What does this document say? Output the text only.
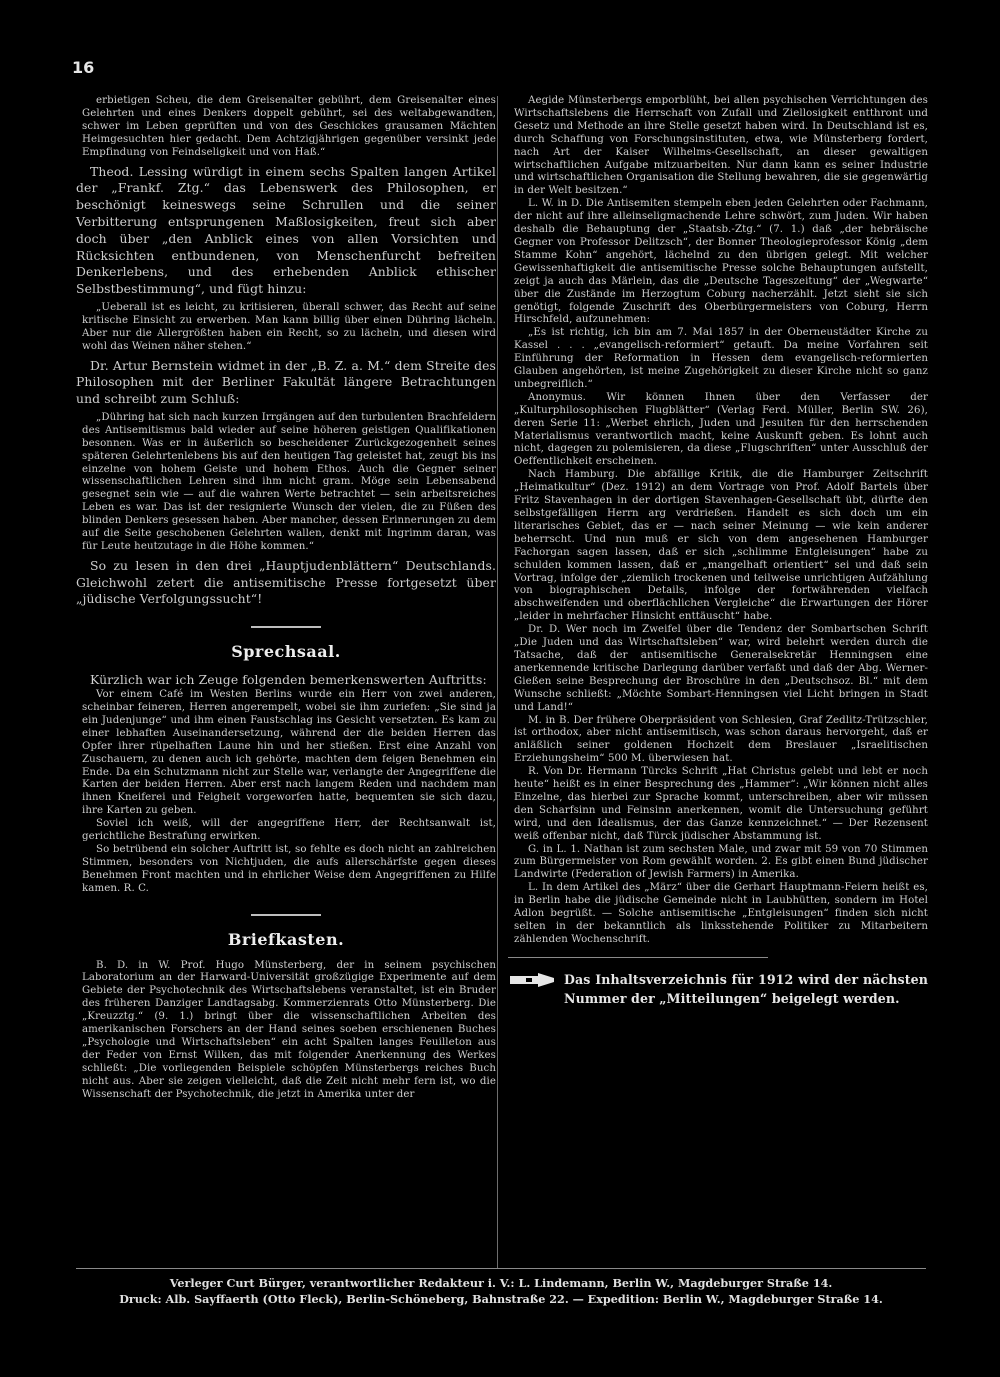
16

erbietigen Scheu, die dem Greisenalter gebührt, dem Greisenalter eines Gelehrten und eines Denkers doppelt gebührt, sei des weltabgewandten, schwer im Leben geprüften und von des Geschickes grausamen Mächten Heimgesuchten hier gedacht. Dem Achtzigjährigen gegenüber versinkt jede Empfindung von Feindseligkeit und von Haß.“

Theod. Lessing würdigt in einem sechs Spalten langen Artikel der „Frankf. Ztg.“ das Lebenswerk des Philosophen, er beschönigt keineswegs seine Schrullen und die seiner Verbitterung entsprungenen Maßlosigkeiten, freut sich aber doch über „den Anblick eines von allen Vorsichten und Rücksichten entbundenen, von Menschenfurcht befreiten Denkerlebens, und des erhebenden Anblick ethischer Selbstbestimmung“, und fügt hinzu:

„Ueberall ist es leicht, zu kritisieren, überall schwer, das Recht auf seine kritische Einsicht zu erwerben. Man kann billig über einen Dühring lächeln. Aber nur die Allergrößten haben ein Recht, so zu lächeln, und diesen wird wohl das Weinen näher stehen.“

Dr. Artur Bernstein widmet in der „B. Z. a. M.“ dem Streite des Philosophen mit der Berliner Fakultät längere Betrachtungen und schreibt zum Schluß:

„Dühring hat sich nach kurzen Irrgängen auf den turbulenten Brachfeldern des Antisemitismus bald wieder auf seine höheren geistigen Qualifikationen besonnen. Was er in äußerlich so bescheidener Zurückgezogenheit seines späteren Gelehrtenlebens bis auf den heutigen Tag geleistet hat, zeugt bis ins einzelne von hohem Geiste und hohem Ethos. Auch die Gegner seiner wissenschaftlichen Lehren sind ihm nicht gram. Möge sein Lebensabend gesegnet sein wie — auf die wahren Werte betrachtet — sein arbeitsreiches Leben es war. Das ist der resignierte Wunsch der vielen, die zu Füßen des blinden Denkers gesessen haben. Aber mancher, dessen Erinnerungen zu dem auf die Seite geschobenen Gelehrten wallen, denkt mit Ingrimm daran, was für Leute heutzutage in die Höhe kommen.“

So zu lesen in den drei „Hauptjudenblättern“ Deutschlands. Gleichwohl zetert die antisemitische Presse fortgesetzt über „jüdische Verfolgungssucht“!

Sprechsaal.

Kürzlich war ich Zeuge folgenden bemerkenswerten Auftritts:

Vor einem Café im Westen Berlins wurde ein Herr von zwei anderen, scheinbar feineren, Herren angerempelt, wobei sie ihm zuriefen: „Sie sind ja ein Judenjunge“ und ihm einen Faustschlag ins Gesicht versetzten. Es kam zu einer lebhaften Auseinandersetzung, während der die beiden Herren das Opfer ihrer rüpelhaften Laune hin und her stießen. Erst eine Anzahl von Zuschauern, zu denen auch ich gehörte, machten dem feigen Benehmen ein Ende. Da ein Schutzmann nicht zur Stelle war, verlangte der Angegriffene die Karten der beiden Herren. Aber erst nach langem Reden und nachdem man ihnen Kneiferei und Feigheit vorgeworfen hatte, bequemten sie sich dazu, ihre Karten zu geben.

Soviel ich weiß, will der angegriffene Herr, der Rechtsanwalt ist, gerichtliche Bestrafung erwirken.

So betrübend ein solcher Auftritt ist, so fehlte es doch nicht an zahlreichen Stimmen, besonders von Nichtjuden, die aufs allerschärfste gegen dieses Benehmen Front machten und in ehrlicher Weise dem Angegriffenen zu Hilfe kamen. R. C.

Briefkasten.

B. D. in W. Prof. Hugo Münsterberg, der in seinem psychischen Laboratorium an der Harward-Universität großzügige Experimente auf dem Gebiete der Psychotechnik des Wirtschaftslebens veranstaltet, ist ein Bruder des früheren Danziger Landtagsabg. Kommerzienrats Otto Münsterberg. Die „Kreuzztg.“ (9. 1.) bringt über die wissenschaftlichen Arbeiten des amerikanischen Forschers an der Hand seines soeben erschienenen Buches „Psychologie und Wirtschaftsleben“ ein acht Spalten langes Feuilleton aus der Feder von Ernst Wilken, das mit folgender Anerkennung des Werkes schließt: „Die vorliegenden Beispiele schöpfen Münsterbergs reiches Buch nicht aus. Aber sie zeigen vielleicht, daß die Zeit nicht mehr fern ist, wo die Wissenschaft der Psychotechnik, die jetzt in Amerika unter der

Aegide Münsterbergs emporblüht, bei allen psychischen Verrichtungen des Wirtschaftslebens die Herrschaft von Zufall und Ziellosigkeit entthront und Gesetz und Methode an ihre Stelle gesetzt haben wird. In Deutschland ist es, durch Schaffung von Forschungsinstituten, etwa, wie Münsterberg fordert, nach Art der Kaiser Wilhelms-Gesellschaft, an dieser gewaltigen wirtschaftlichen Aufgabe mitzuarbeiten. Nur dann kann es seiner Industrie und wirtschaftlichen Organisation die Stellung bewahren, die sie gegenwärtig in der Welt besitzen.“

L. W. in D. Die Antisemiten stempeln eben jeden Gelehrten oder Fachmann, der nicht auf ihre alleinseligmachende Lehre schwört, zum Juden. Wir haben deshalb die Behauptung der „Staatsb.-Ztg.“ (7. 1.) daß „der hebräische Gegner von Professor Delitzsch“, der Bonner Theologieprofessor König „dem Stamme Kohn“ angehört, lächelnd zu den übrigen gelegt. Mit welcher Gewissenhaftigkeit die antisemitische Presse solche Behauptungen aufstellt, zeigt ja auch das Märlein, das die „Deutsche Tageszeitung“ der „Wegwarte“ über die Zustände im Herzogtum Coburg nacherzählt. Jetzt sieht sie sich genötigt, folgende Zuschrift des Oberbürgermeisters von Coburg, Herrn Hirschfeld, aufzunehmen:

„Es ist richtig, ich bin am 7. Mai 1857 in der Oberneustädter Kirche zu Kassel . . . „evangelisch-reformiert“ getauft. Da meine Vorfahren seit Einführung der Reformation in Hessen dem evangelisch-reformierten Glauben angehörten, ist meine Zugehörigkeit zu dieser Kirche nicht so ganz unbegreiflich.“

Anonymus. Wir können Ihnen über den Verfasser der „Kulturphilosophischen Flugblätter“ (Verlag Ferd. Müller, Berlin SW. 26), deren Serie 11: „Werbet ehrlich, Juden und Jesuiten für den herrschenden Materialismus verantwortlich macht, keine Auskunft geben. Es lohnt auch nicht, dagegen zu polemisieren, da diese „Flugschriften“ unter Ausschluß der Oeffentlichkeit erscheinen.

Nach Hamburg. Die abfällige Kritik, die die Hamburger Zeitschrift „Heimatkultur“ (Dez. 1912) an dem Vortrage von Prof. Adolf Bartels über Fritz Stavenhagen in der dortigen Stavenhagen-Gesellschaft übt, dürfte den selbstgefälligen Herrn arg verdrießen. Handelt es sich doch um ein literarisches Gebiet, das er — nach seiner Meinung — wie kein anderer beherrscht. Und nun muß er sich von dem angesehenen Hamburger Fachorgan sagen lassen, daß er sich „schlimme Entgleisungen“ habe zu schulden kommen lassen, daß er „mangelhaft orientiert“ sei und daß sein Vortrag, infolge der „ziemlich trockenen und teilweise unrichtigen Aufzählung von biographischen Details, infolge der fortwährenden vielfach abschweifenden und oberflächlichen Vergleiche“ die Erwartungen der Hörer „leider in mehrfacher Hinsicht enttäuscht“ habe.

Dr. D. Wer noch im Zweifel über die Tendenz der Sombartschen Schrift „Die Juden und das Wirtschaftsleben“ war, wird belehrt werden durch die Tatsache, daß der antisemitische Generalsekretär Henningsen eine anerkennende kritische Darlegung darüber verfaßt und daß der Abg. Werner-Gießen seine Besprechung der Broschüre in den „Deutschsoz. Bl.“ mit dem Wunsche schließt: „Möchte Sombart-Henningsen viel Licht bringen in Stadt und Land!“

M. in B. Der frühere Oberpräsident von Schlesien, Graf Zedlitz-Trützschler, ist orthodox, aber nicht antisemitisch, was schon daraus hervorgeht, daß er anläßlich seiner goldenen Hochzeit dem Breslauer „Israelitischen Erziehungsheim“ 500 M. überwiesen hat.

R. Von Dr. Hermann Türcks Schrift „Hat Christus gelebt und lebt er noch heute“ heißt es in einer Besprechung des „Hammer“: „Wir können nicht alles Einzelne, das hierbei zur Sprache kommt, unterschreiben, aber wir müssen den Scharfsinn und Feinsinn anerkennen, womit die Untersuchung geführt wird, und den Idealismus, der das Ganze kennzeichnet.“ — Der Rezensent weiß offenbar nicht, daß Türck jüdischer Abstammung ist.

G. in L. 1. Nathan ist zum sechsten Male, und zwar mit 59 von 70 Stimmen zum Bürgermeister von Rom gewählt worden. 2. Es gibt einen Bund jüdischer Landwirte (Federation of Jewish Farmers) in Amerika.

L. In dem Artikel des „März“ über die Gerhart Hauptmann-Feiern heißt es, in Berlin habe die jüdische Gemeinde nicht in Laubhütten, sondern im Hotel Adlon begrüßt. — Solche antisemitische „Entgleisungen“ finden sich nicht selten in der bekanntlich als linksstehende Politiker zu Mitarbeitern zählenden Wochenschrift.

Das Inhaltsverzeichnis für 1912 wird der nächsten Nummer der „Mitteilungen“ beigelegt werden.
Verleger Curt Bürger, verantwortlicher Redakteur i. V.: L. Lindemann, Berlin W., Magdeburger Straße 14.
Druck: Alb. Sayffaerth (Otto Fleck), Berlin-Schöneberg, Bahnstraße 22. — Expedition: Berlin W., Magdeburger Straße 14.
